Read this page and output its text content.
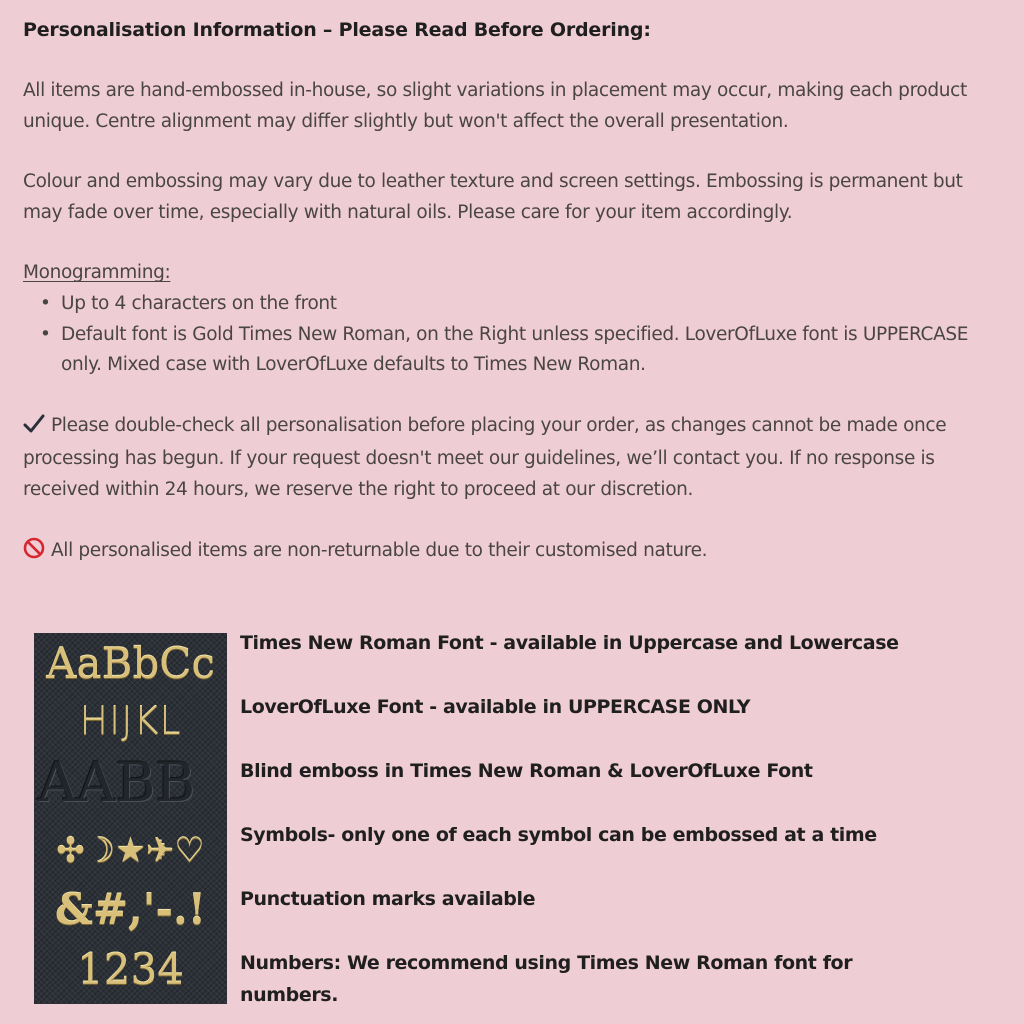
Personalisation Information – Please Read Before Ordering:

All items are hand-embossed in-house, so slight variations in placement may occur, making each product unique. Centre alignment may differ slightly but won't affect the overall presentation.

Colour and embossing may vary due to leather texture and screen settings. Embossing is permanent but may fade over time, especially with natural oils. Please care for your item accordingly.

Monogramming:

• Up to 4 characters on the front
• Default font is Gold Times New Roman, on the Right unless specified. LoverOfLuxe font is UPPERCASE only. Mixed case with LoverOfLuxe defaults to Times New Roman.

Please double-check all personalisation before placing your order, as changes cannot be made once processing has begun. If your request doesn't meet our guidelines, we’ll contact you. If no response is received within 24 hours, we reserve the right to proceed at our discretion.

All personalised items are non-returnable due to their customised nature.

AaBbCc
HIJKL
AABB
✣☽★✈♡
&#,'-.!
1234

Times New Roman Font - available in Uppercase and Lowercase

LoverOfLuxe Font - available in UPPERCASE ONLY

Blind emboss in Times New Roman & LoverOfLuxe Font

Symbols- only one of each symbol can be embossed at a time

Punctuation marks available

Numbers: We recommend using Times New Roman font for numbers.
